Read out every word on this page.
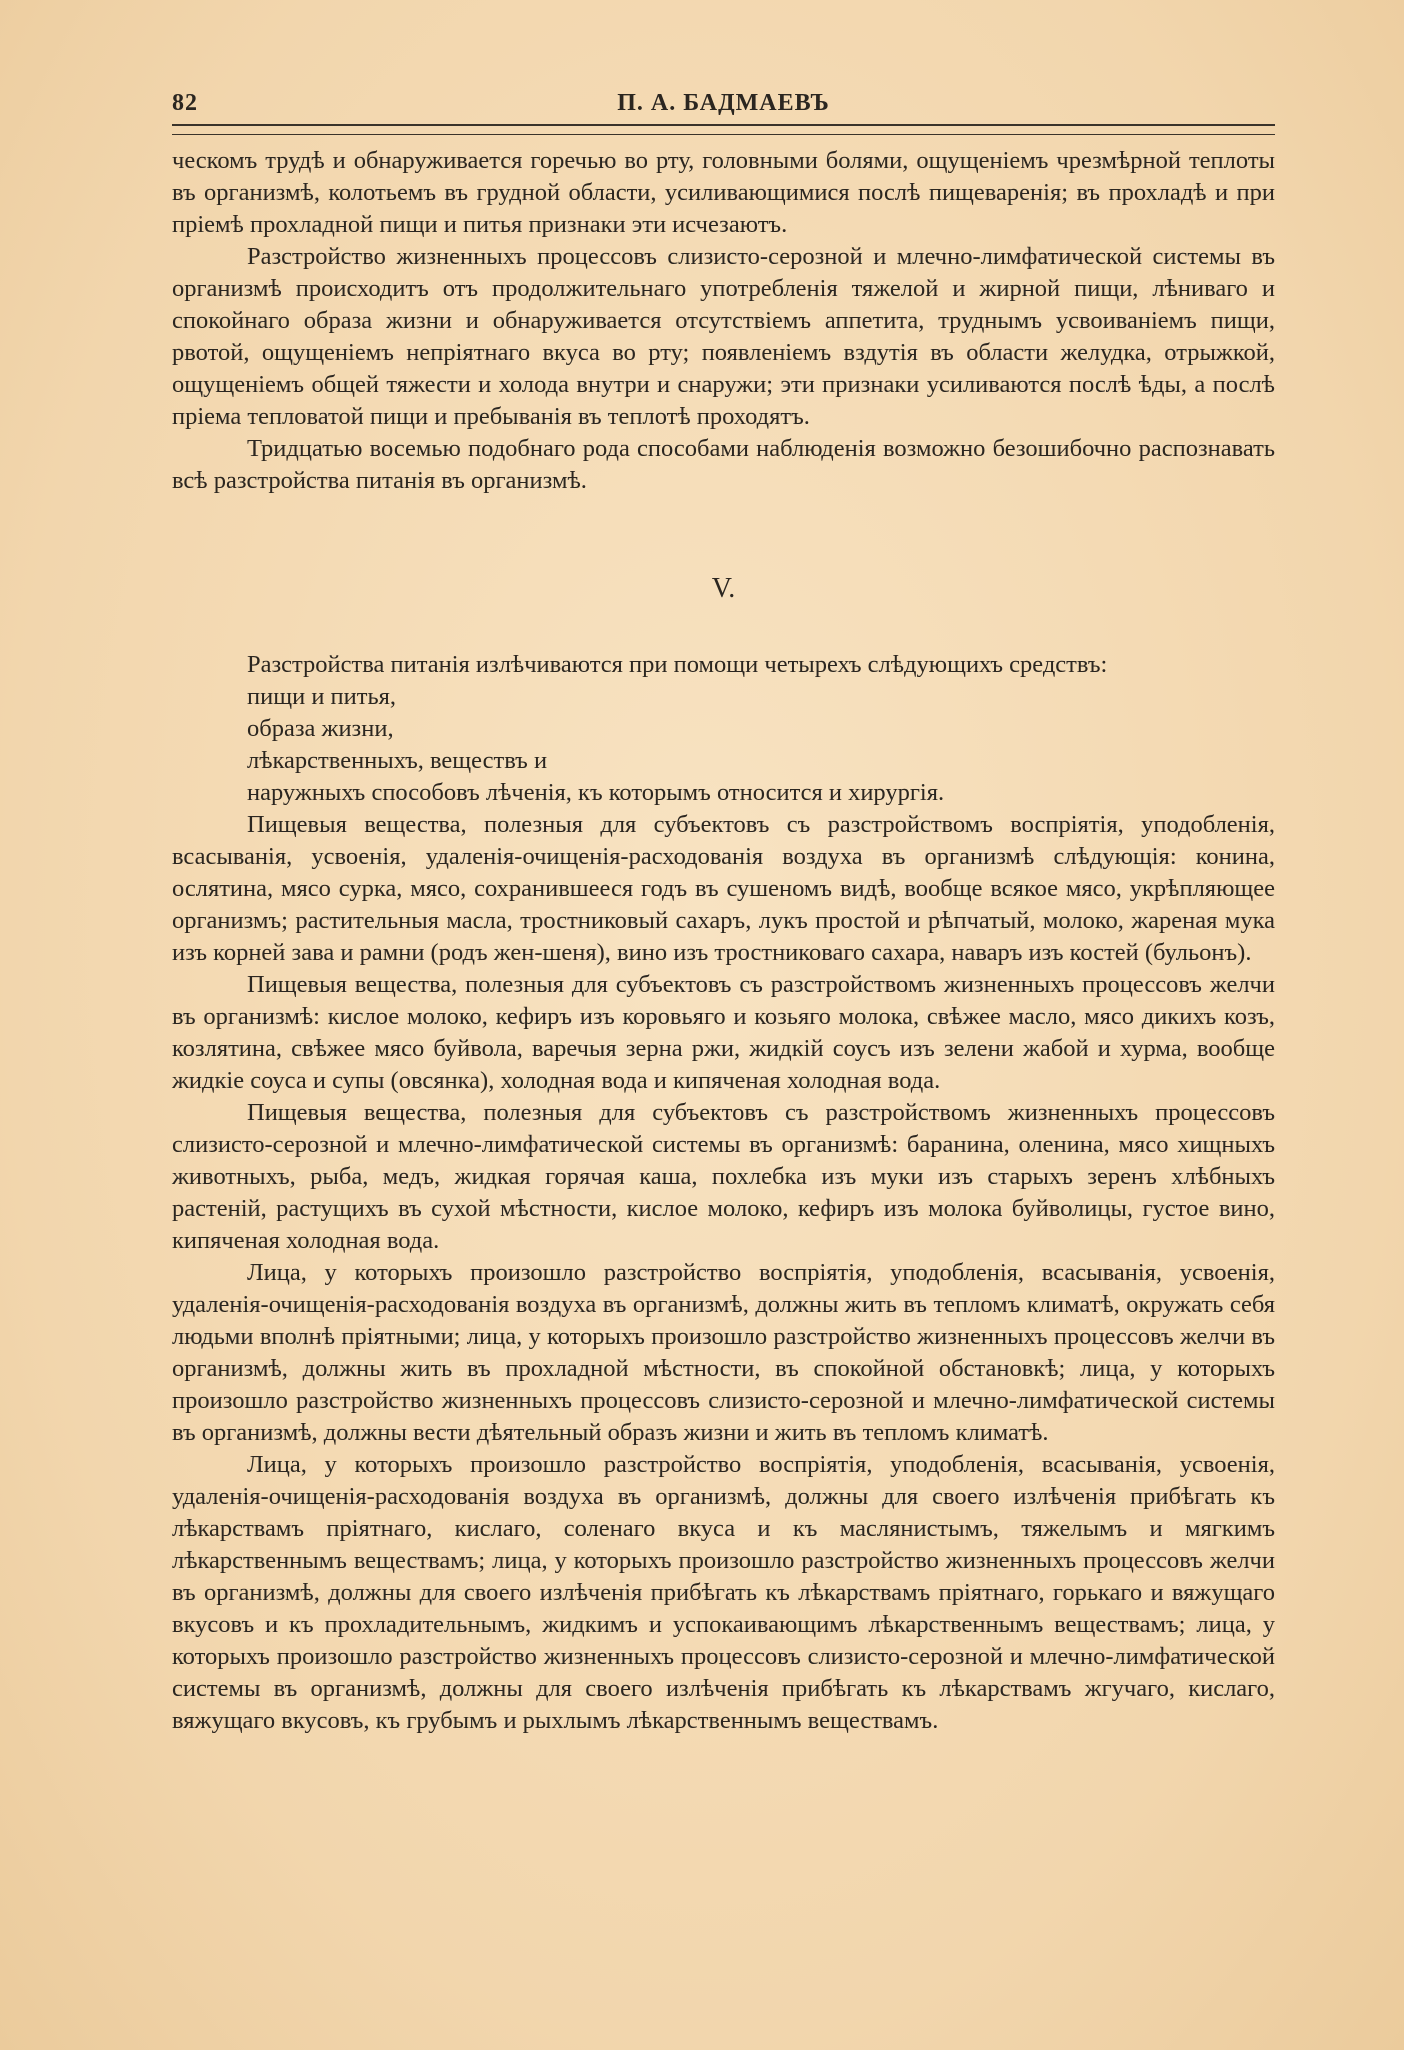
82	П. А. БАДМАЕВЪ

ческомъ трудѣ и обнаруживается горечью во рту, головными болями, ощущеніемъ чрезмѣрной теплоты въ организмѣ, колотьемъ въ грудной области, усиливающимися послѣ пищеваренія; въ прохладѣ и при пріемѣ прохладной пищи и питья признаки эти исчезаютъ.

Разстройство жизненныхъ процессовъ слизисто-серозной и млечно-лимфатической системы въ организмѣ происходитъ отъ продолжительнаго употребленія тяжелой и жирной пищи, лѣниваго и спокойнаго образа жизни и обнаруживается отсутствіемъ аппетита, труднымъ усвоиваніемъ пищи, рвотой, ощущеніемъ непріятнаго вкуса во рту; появленіемъ вздутія въ области желудка, отрыжкой, ощущеніемъ общей тяжести и холода внутри и снаружи; эти признаки усиливаются послѣ ѣды, а послѣ пріема тепловатой пищи и пребыванія въ теплотѣ проходятъ.

Тридцатью восемью подобнаго рода способами наблюденія возможно безошибочно распознавать всѣ разстройства питанія въ организмѣ.

V.

Разстройства питанія излѣчиваются при помощи четырехъ слѣдующихъ средствъ:

пищи и питья,

образа жизни,

лѣкарственныхъ, веществъ и

наружныхъ способовъ лѣченія, къ которымъ относится и хирургія.

Пищевыя вещества, полезныя для субъектовъ съ разстройствомъ воспріятія, уподобленія, всасыванія, усвоенія, удаленія-очищенія-расходованія воздуха въ организмѣ слѣдующія: конина, ослятина, мясо сурка, мясо, сохранившееся годъ въ сушеномъ видѣ, вообще всякое мясо, укрѣпляющее организмъ; растительныя масла, тростниковый сахаръ, лукъ простой и рѣпчатый, молоко, жареная мука изъ корней зава и рамни (родъ жен-шеня), вино изъ тростниковаго сахара, наваръ изъ костей (бульонъ).

Пищевыя вещества, полезныя для субъектовъ съ разстройствомъ жизненныхъ процессовъ желчи въ организмѣ: кислое молоко, кефиръ изъ коровьяго и козьяго молока, свѣжее масло, мясо дикихъ козъ, козлятина, свѣжее мясо буйвола, варечыя зерна ржи, жидкій соусъ изъ зелени жабой и хурма, вообще жидкіе соуса и супы (овсянка), холодная вода и кипяченая холодная вода.

Пищевыя вещества, полезныя для субъектовъ съ разстройствомъ жизненныхъ процессовъ слизисто-серозной и млечно-лимфатической системы въ организмѣ: баранина, оленина, мясо хищныхъ животныхъ, рыба, медъ, жидкая горячая каша, похлебка изъ муки изъ старыхъ зеренъ хлѣбныхъ растеній, растущихъ въ сухой мѣстности, кислое молоко, кефиръ изъ молока буйволицы, густое вино, кипяченая холодная вода.

Лица, у которыхъ произошло разстройство воспріятія, уподобленія, всасыванія, усвоенія, удаленія-очищенія-расходованія воздуха въ организмѣ, должны жить въ тепломъ климатѣ, окружать себя людьми вполнѣ пріятными; лица, у которыхъ произошло разстройство жизненныхъ процессовъ желчи въ организмѣ, должны жить въ прохладной мѣстности, въ спокойной обстановкѣ; лица, у которыхъ произошло разстройство жизненныхъ процессовъ слизисто-серозной и млечно-лимфатической системы въ организмѣ, должны вести дѣятельный образъ жизни и жить въ тепломъ климатѣ.

Лица, у которыхъ произошло разстройство воспріятія, уподобленія, всасыванія, усвоенія, удаленія-очищенія-расходованія воздуха въ организмѣ, должны для своего излѣченія прибѣгать къ лѣкарствамъ пріятнаго, кислаго, соленаго вкуса и къ маслянистымъ, тяжелымъ и мягкимъ лѣкарственнымъ веществамъ; лица, у которыхъ произошло разстройство жизненныхъ процессовъ желчи въ организмѣ, должны для своего излѣченія прибѣгать къ лѣкарствамъ пріятнаго, горькаго и вяжущаго вкусовъ и къ прохладительнымъ, жидкимъ и успокаивающимъ лѣкарственнымъ веществамъ; лица, у которыхъ произошло разстройство жизненныхъ процессовъ слизисто-серозной и млечно-лимфатической системы въ организмѣ, должны для своего излѣченія прибѣгать къ лѣкарствамъ жгучаго, кислаго, вяжущаго вкусовъ, къ грубымъ и рыхлымъ лѣкарственнымъ веществамъ.
